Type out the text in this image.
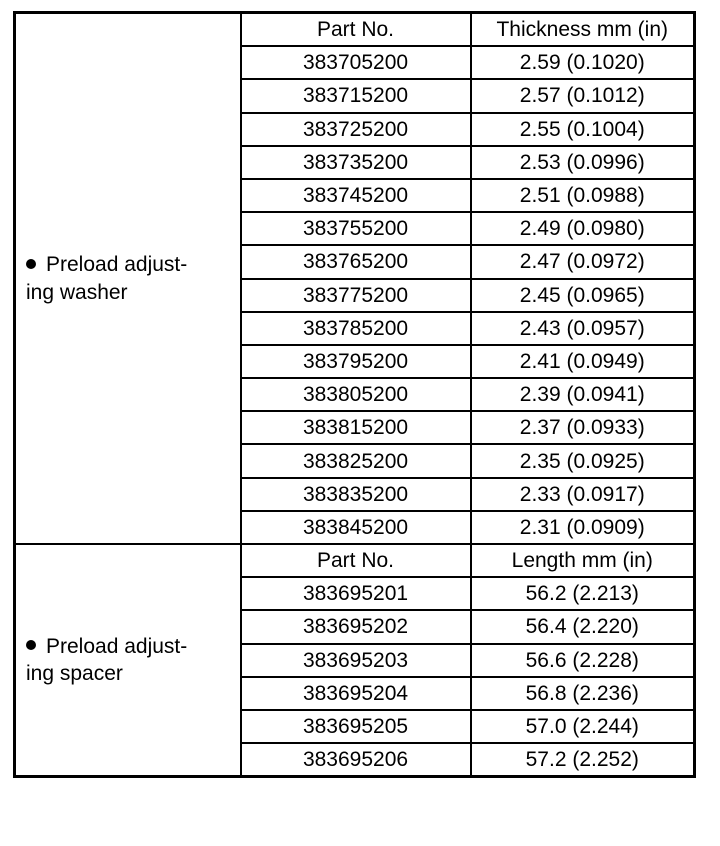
Preload adjust-
ing washer	Part No.	Thickness mm (in)
	383705200	2.59 (0.1020)
	383715200	2.57 (0.1012)
	383725200	2.55 (0.1004)
	383735200	2.53 (0.0996)
	383745200	2.51 (0.0988)
	383755200	2.49 (0.0980)
	383765200	2.47 (0.0972)
	383775200	2.45 (0.0965)
	383785200	2.43 (0.0957)
	383795200	2.41 (0.0949)
	383805200	2.39 (0.0941)
	383815200	2.37 (0.0933)
	383825200	2.35 (0.0925)
	383835200	2.33 (0.0917)
	383845200	2.31 (0.0909)
Preload adjust-
ing spacer	Part No.	Length mm (in)
	383695201	56.2 (2.213)
	383695202	56.4 (2.220)
	383695203	56.6 (2.228)
	383695204	56.8 (2.236)
	383695205	57.0 (2.244)
	383695206	57.2 (2.252)
